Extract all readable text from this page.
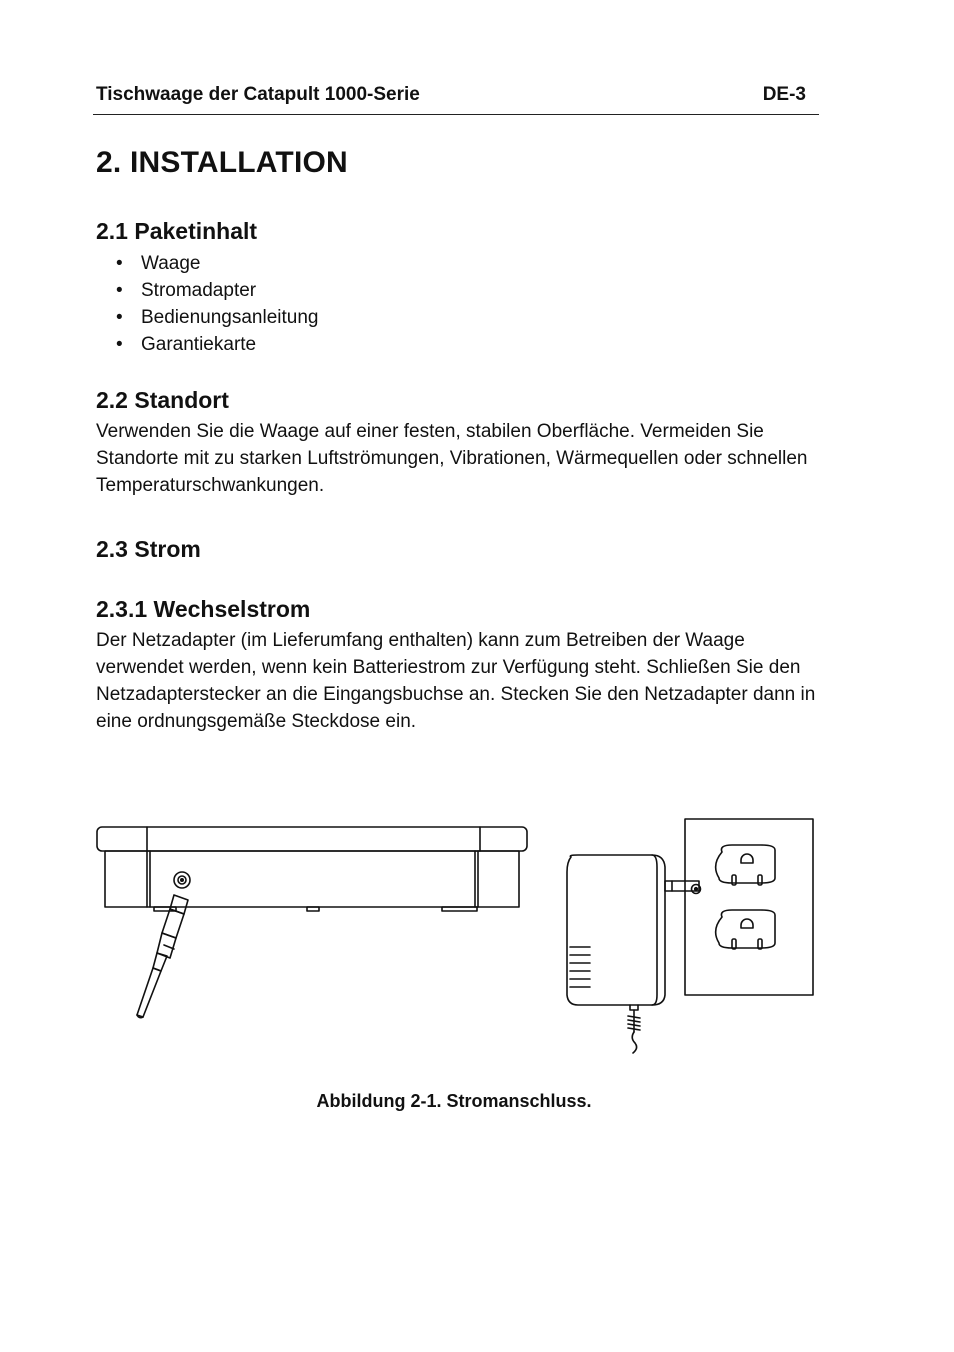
Tischwaage der Catapult 1000-Serie	DE-3
2. INSTALLATION
2.1 Paketinhalt
• Waage
• Stromadapter
• Bedienungsanleitung
• Garantiekarte
2.2 Standort

Verwenden Sie die Waage auf einer festen, stabilen Oberfläche. Vermeiden Sie
Standorte mit zu starken Luftströmungen, Vibrationen, Wärmequellen oder schnellen
Temperaturschwankungen.

2.3 Strom
2.3.1 Wechselstrom

Der Netzadapter (im Lieferumfang enthalten) kann zum Betreiben der Waage
verwendet werden, wenn kein Batteriestrom zur Verfügung steht. Schließen Sie den
Netzadapterstecker an die Eingangsbuchse an. Stecken Sie den Netzadapter dann in
eine ordnungsgemäße Steckdose ein.

Abbildung 2-1. Stromanschluss.
